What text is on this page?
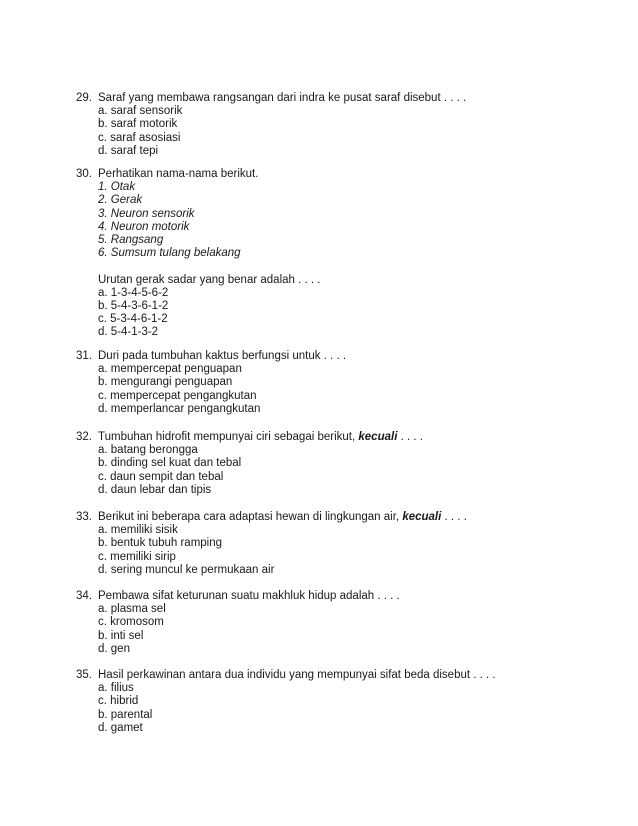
29. Saraf yang membawa rangsangan dari indra ke pusat saraf disebut . . . .
a. saraf sensorik
b. saraf motorik
c. saraf asosiasi
d. saraf tepi
30. Perhatikan nama-nama berikut.
1. Otak
2. Gerak
3. Neuron sensorik
4. Neuron motorik
5. Rangsang
6. Sumsum tulang belakang
Urutan gerak sadar yang benar adalah . . . .
a. 1-3-4-5-6-2
b. 5-4-3-6-1-2
c. 5-3-4-6-1-2
d. 5-4-1-3-2
31. Duri pada tumbuhan kaktus berfungsi untuk . . . .
a. mempercepat penguapan
b. mengurangi penguapan
c. mempercepat pengangkutan
d. memperlancar pengangkutan
32. Tumbuhan hidrofit mempunyai ciri sebagai berikut, kecuali . . . .
a. batang berongga
b. dinding sel kuat dan tebal
c. daun sempit dan tebal
d. daun lebar dan tipis
33. Berikut ini beberapa cara adaptasi hewan di lingkungan air, kecuali . . . .
a. memiliki sisik
b. bentuk tubuh ramping
c. memiliki sirip
d. sering muncul ke permukaan air
34. Pembawa sifat keturunan suatu makhluk hidup adalah . . . .
a. plasma sel
c. kromosom
b. inti sel
d. gen
35. Hasil perkawinan antara dua individu yang mempunyai sifat beda disebut . . . .
a. filius
c. hibrid
b. parental
d. gamet
